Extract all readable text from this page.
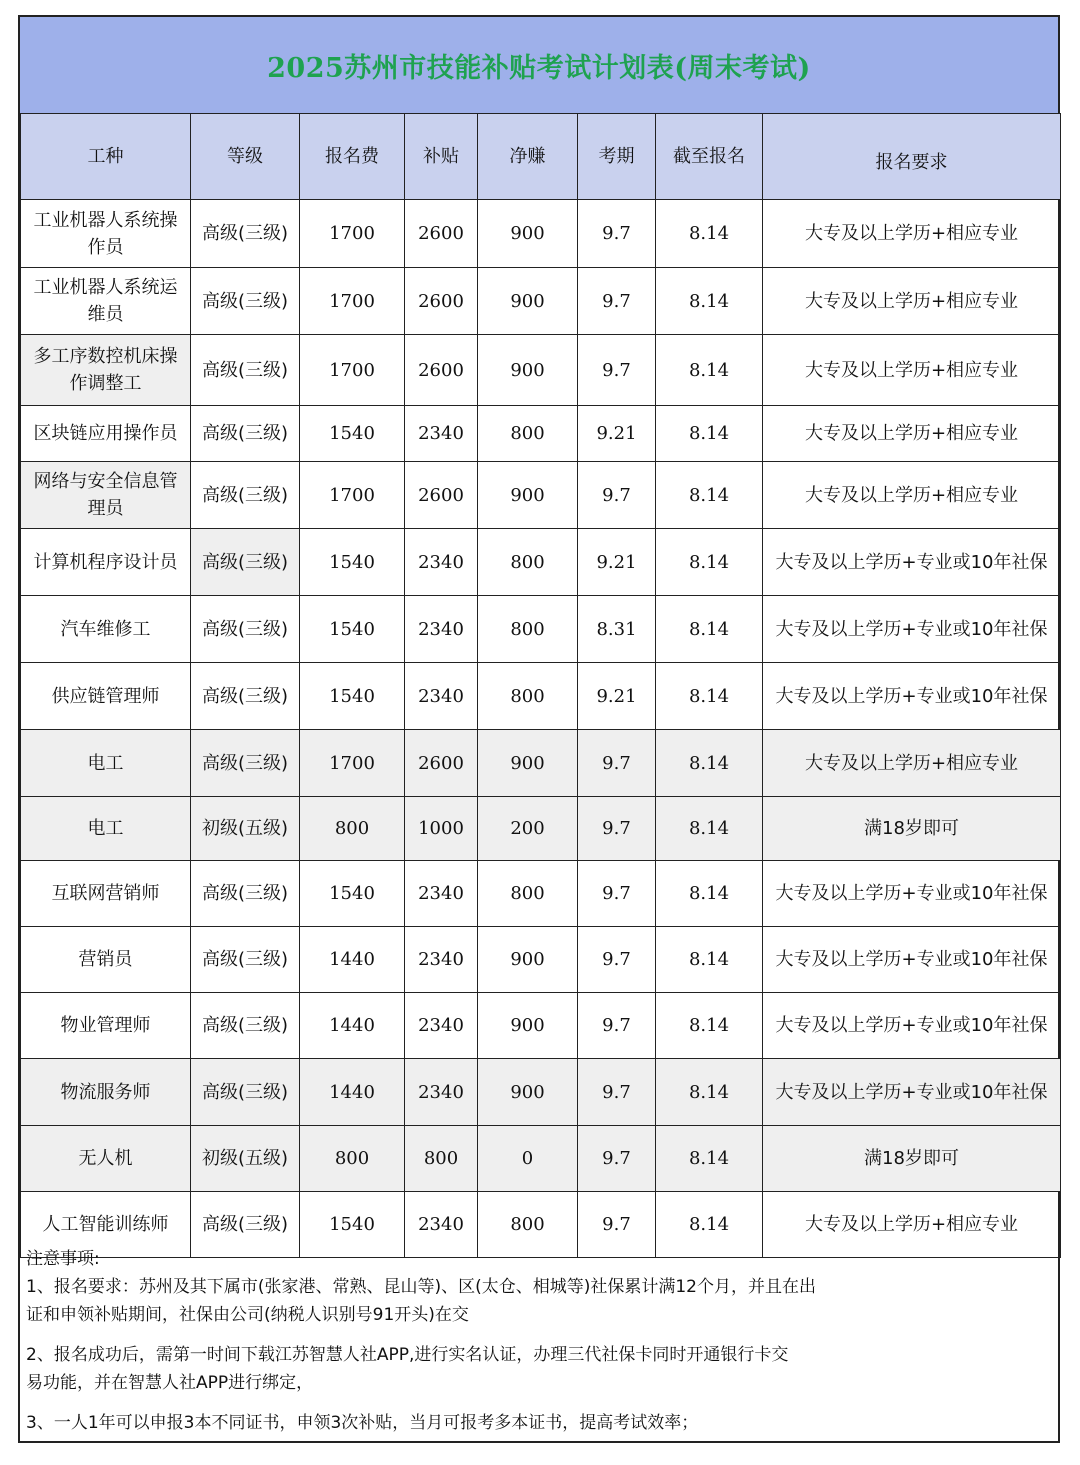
2025苏州市技能补贴考试计划表(周末考试)
工种	等级	报名费	补贴	净赚	考期	截至报名	报名要求
工业机器人系统操作员	高级(三级)	1700	2600	900	9.7	8.14	大专及以上学历+相应专业
工业机器人系统运维员	高级(三级)	1700	2600	900	9.7	8.14	大专及以上学历+相应专业
多工序数控机床操作调整工	高级(三级)	1700	2600	900	9.7	8.14	大专及以上学历+相应专业
区块链应用操作员	高级(三级)	1540	2340	800	9.21	8.14	大专及以上学历+相应专业
网络与安全信息管理员	高级(三级)	1700	2600	900	9.7	8.14	大专及以上学历+相应专业
计算机程序设计员	高级(三级)	1540	2340	800	9.21	8.14	大专及以上学历+专业或10年社保
汽车维修工	高级(三级)	1540	2340	800	8.31	8.14	大专及以上学历+专业或10年社保
供应链管理师	高级(三级)	1540	2340	800	9.21	8.14	大专及以上学历+专业或10年社保
电工	高级(三级)	1700	2600	900	9.7	8.14	大专及以上学历+相应专业
电工	初级(五级)	800	1000	200	9.7	8.14	满18岁即可
互联网营销师	高级(三级)	1540	2340	800	9.7	8.14	大专及以上学历+专业或10年社保
营销员	高级(三级)	1440	2340	900	9.7	8.14	大专及以上学历+专业或10年社保
物业管理师	高级(三级)	1440	2340	900	9.7	8.14	大专及以上学历+专业或10年社保
物流服务师	高级(三级)	1440	2340	900	9.7	8.14	大专及以上学历+专业或10年社保
无人机	初级(五级)	800	800	0	9.7	8.14	满18岁即可
人工智能训练师	高级(三级)	1540	2340	800	9.7	8.14	大专及以上学历+相应专业

注意事项:

1、报名要求：苏州及其下属市(张家港、常熟、昆山等)、区(太仓、相城等)社保累计满12个月，并且在出

证和申领补贴期间，社保由公司(纳税人识别号91开头)在交

2、报名成功后，需第一时间下载江苏智慧人社APP,进行实名认证，办理三代社保卡同时开通银行卡交

易功能，并在智慧人社APP进行绑定，

3、一人1年可以申报3本不同证书，申领3次补贴，当月可报考多本证书，提高考试效率；
